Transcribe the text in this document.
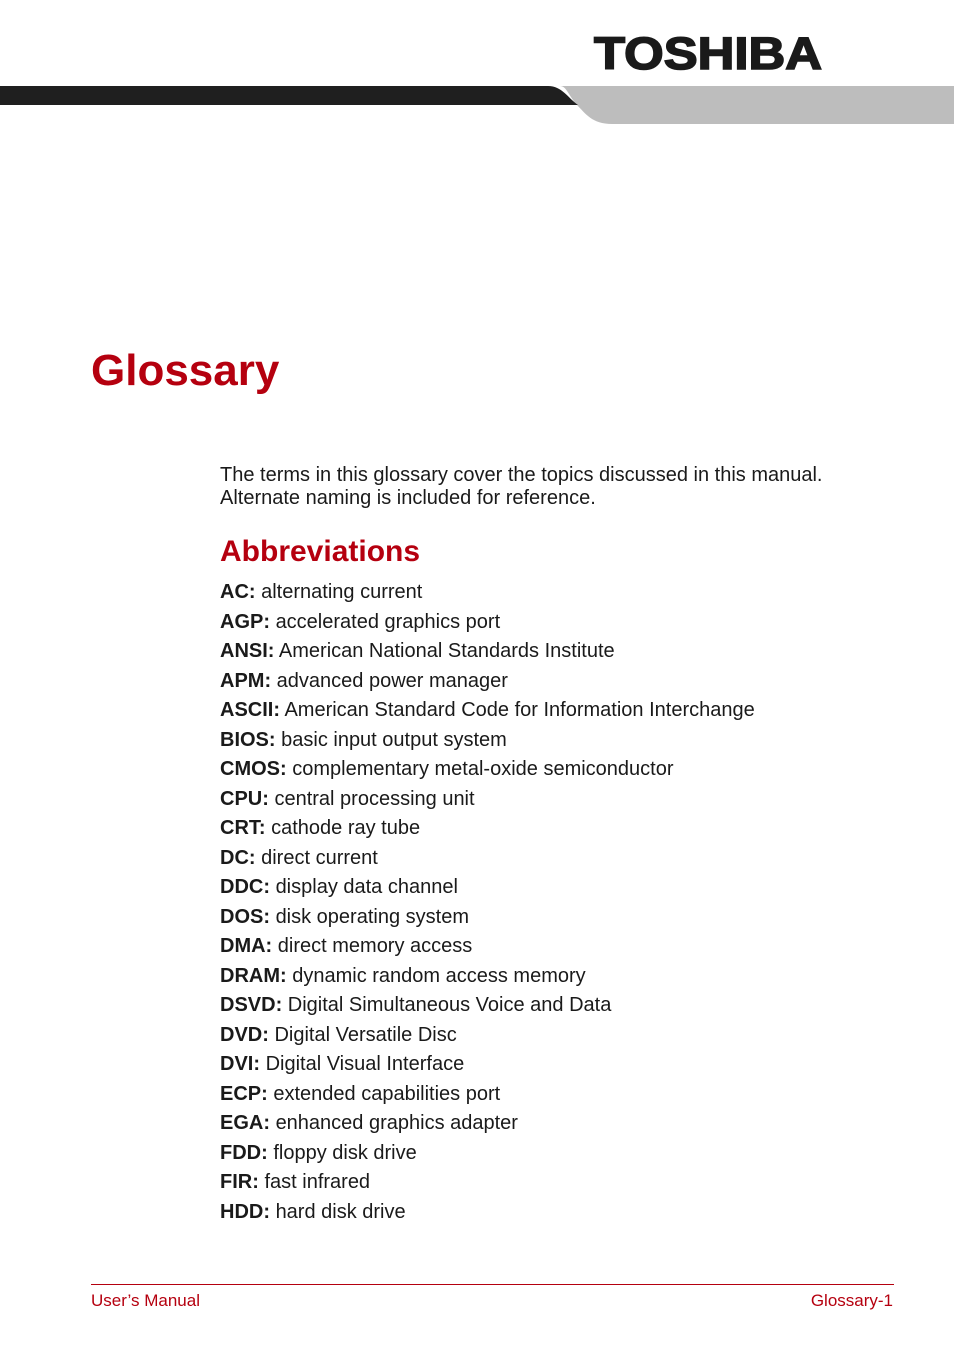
TOSHIBA
Glossary

The terms in this glossary cover the topics discussed in this manual.
Alternate naming is included for reference.

Abbreviations
AC: alternating current
AGP: accelerated graphics port
ANSI: American National Standards Institute
APM: advanced power manager
ASCII: American Standard Code for Information Interchange
BIOS: basic input output system
CMOS: complementary metal-oxide semiconductor
CPU: central processing unit
CRT: cathode ray tube
DC: direct current
DDC: display data channel
DOS: disk operating system
DMA: direct memory access
DRAM: dynamic random access memory
DSVD: Digital Simultaneous Voice and Data
DVD: Digital Versatile Disc
DVI: Digital Visual Interface
ECP: extended capabilities port
EGA: enhanced graphics adapter
FDD: floppy disk drive
FIR: fast infrared
HDD: hard disk drive
User’s Manual	Glossary-1
